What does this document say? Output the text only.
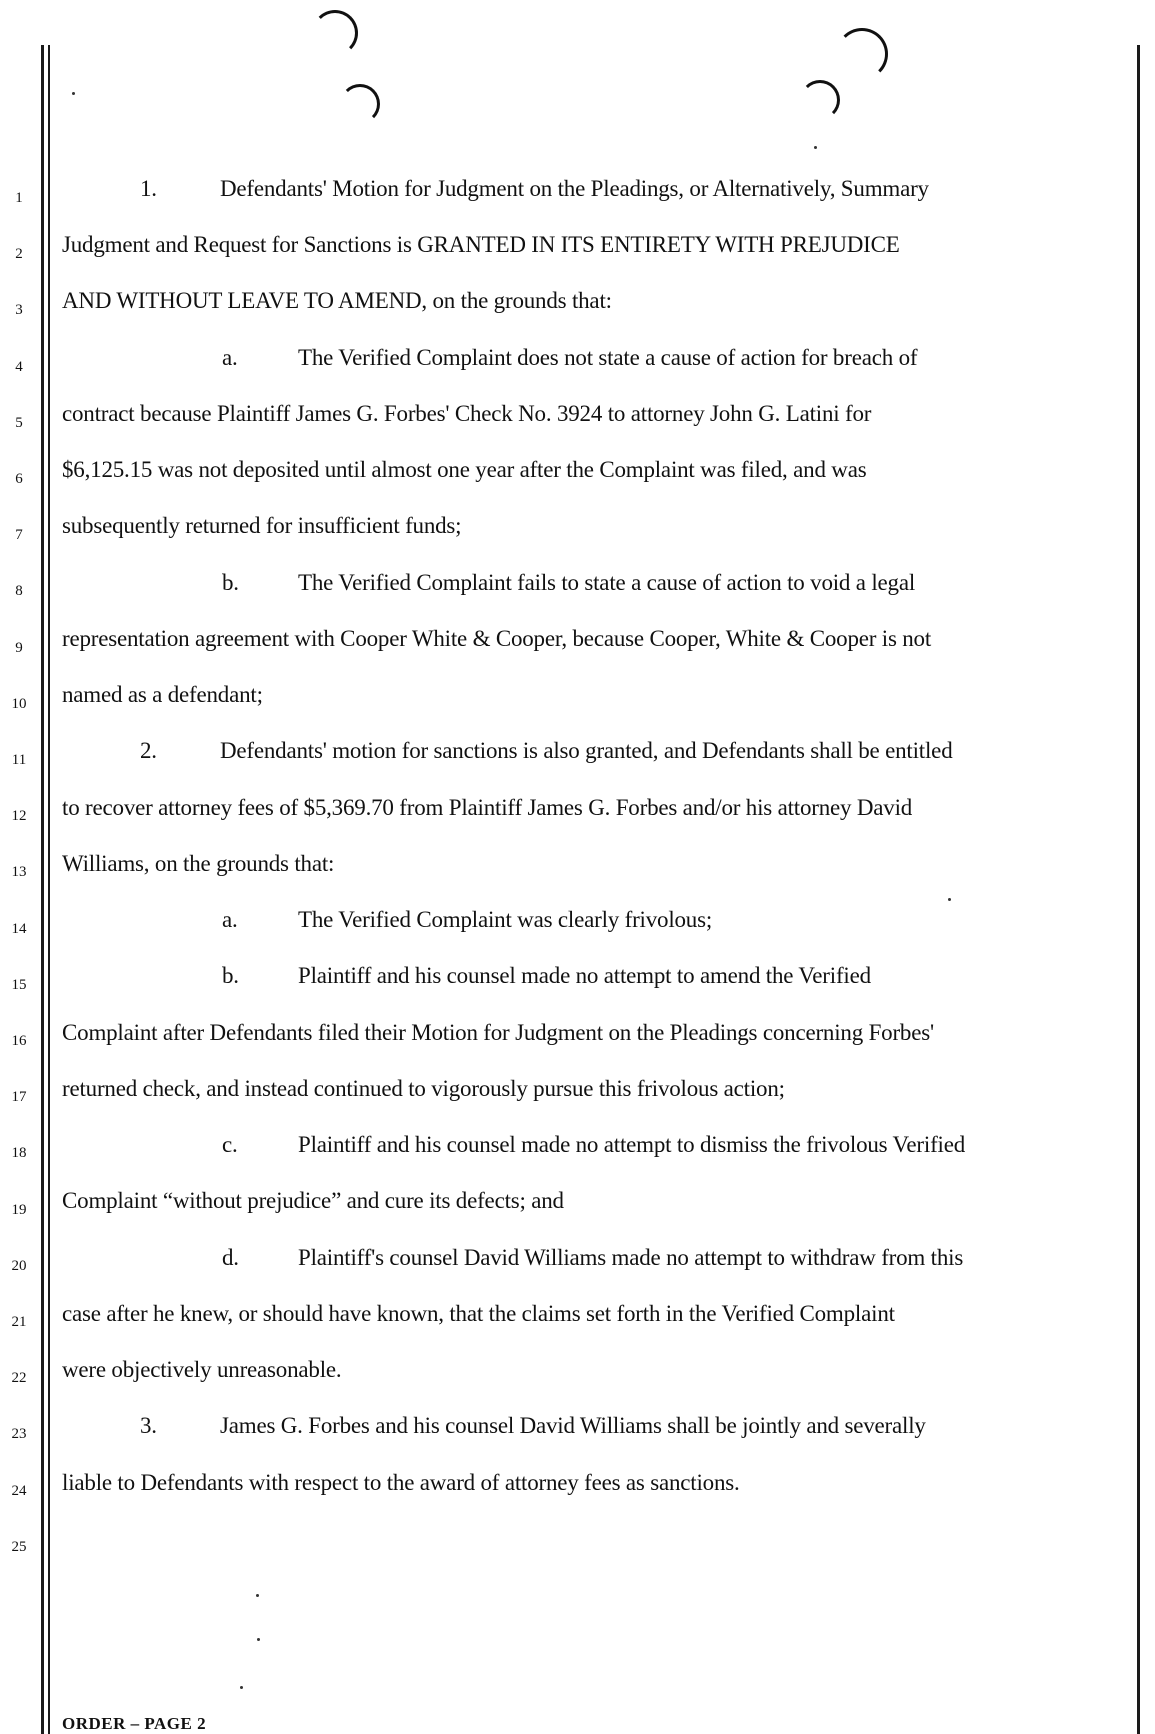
1
2
3
4
5
6
7
8
9
10
11
12
13
14
15
16
17
18
19
20
21
22
23
24
25
1.	Defendants' Motion for Judgment on the Pleadings, or Alternatively, Summary
Judgment and Request for Sanctions is GRANTED IN ITS ENTIRETY WITH PREJUDICE
AND WITHOUT LEAVE TO AMEND, on the grounds that:
a.	The Verified Complaint does not state a cause of action for breach of
contract because Plaintiff James G. Forbes' Check No. 3924 to attorney John G. Latini for
$6,125.15 was not deposited until almost one year after the Complaint was filed, and was
subsequently returned for insufficient funds;
b.	The Verified Complaint fails to state a cause of action to void a legal
representation agreement with Cooper White & Cooper, because Cooper, White & Cooper is not
named as a defendant;
2.	Defendants' motion for sanctions is also granted, and Defendants shall be entitled
to recover attorney fees of $5,369.70 from Plaintiff James G. Forbes and/or his attorney David
Williams, on the grounds that:
a.	The Verified Complaint was clearly frivolous;
b.	Plaintiff and his counsel made no attempt to amend the Verified
Complaint after Defendants filed their Motion for Judgment on the Pleadings concerning Forbes'
returned check, and instead continued to vigorously pursue this frivolous action;
c.	Plaintiff and his counsel made no attempt to dismiss the frivolous Verified
Complaint “without prejudice” and cure its defects; and
d.	Plaintiff's counsel David Williams made no attempt to withdraw from this
case after he knew, or should have known, that the claims set forth in the Verified Complaint
were objectively unreasonable.
3.	James G. Forbes and his counsel David Williams shall be jointly and severally
liable to Defendants with respect to the award of attorney fees as sanctions.
ORDER – PAGE 2
